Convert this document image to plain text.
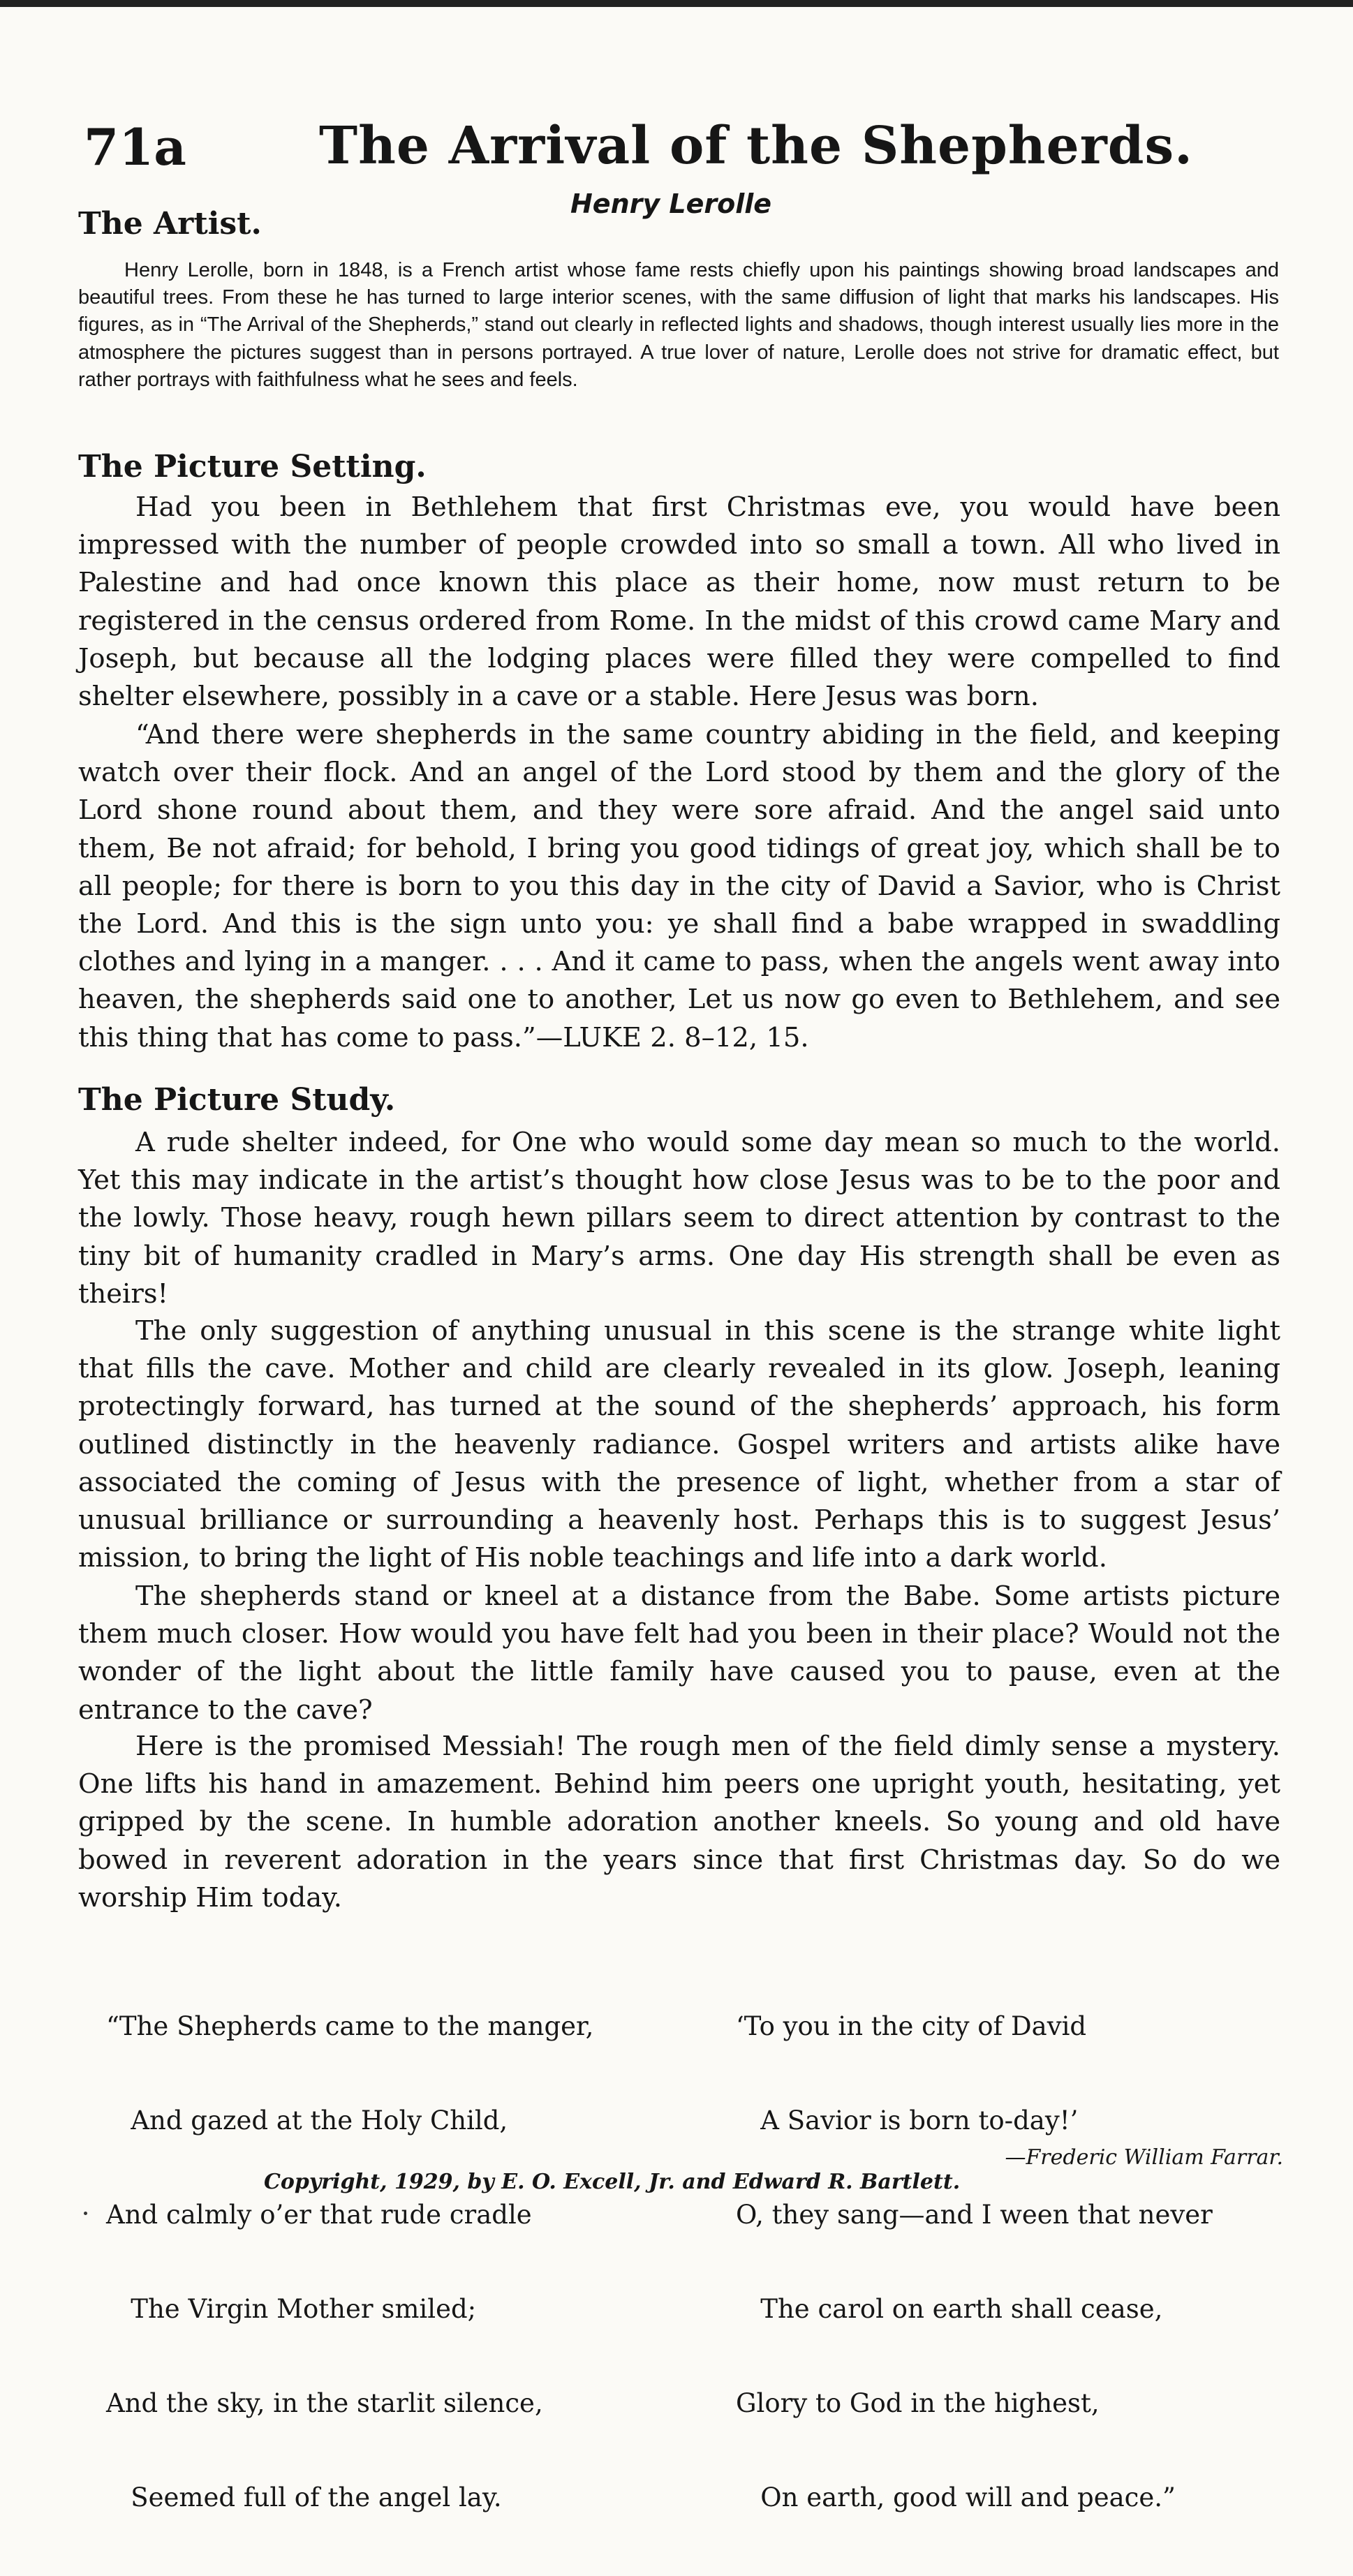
71a	The Arrival of the Shepherds.
Henry Lerolle
The Artist.

Henry Lerolle, born in 1848, is a French artist whose fame rests chiefly upon his paintings showing broad landscapes and beautiful trees. From these he has turned to large interior scenes, with the same diffusion of light that marks his landscapes. His figures, as in “The Arrival of the Shepherds,” stand out clearly in reflected lights and shadows, though interest usually lies more in the atmosphere the pictures suggest than in persons portrayed. A true lover of nature, Lerolle does not strive for dramatic effect, but rather portrays with faithfulness what he sees and feels.

The Picture Setting.

Had you been in Bethlehem that first Christmas eve, you would have been impressed with the number of people crowded into so small a town. All who lived in Palestine and had once known this place as their home, now must return to be registered in the census ordered from Rome. In the midst of this crowd came Mary and Joseph, but because all the lodging places were filled they were compelled to find shelter elsewhere, possibly in a cave or a stable. Here Jesus was born.

“And there were shepherds in the same country abiding in the field, and keeping watch over their flock. And an angel of the Lord stood by them and the glory of the Lord shone round about them, and they were sore afraid. And the angel said unto them, Be not afraid; for behold, I bring you good tidings of great joy, which shall be to all people; for there is born to you this day in the city of David a Savior, who is Christ the Lord. And this is the sign unto you: ye shall find a babe wrapped in swaddling clothes and lying in a manger. . . . And it came to pass, when the angels went away into heaven, the shepherds said one to another, Let us now go even to Bethlehem, and see this thing that has come to pass.”—LUKE 2. 8–12, 15.

The Picture Study.

A rude shelter indeed, for One who would some day mean so much to the world. Yet this may indicate in the artist’s thought how close Jesus was to be to the poor and the lowly. Those heavy, rough hewn pillars seem to direct attention by contrast to the tiny bit of humanity cradled in Mary’s arms. One day His strength shall be even as theirs!

The only suggestion of anything unusual in this scene is the strange white light that fills the cave. Mother and child are clearly revealed in its glow. Joseph, leaning protectingly forward, has turned at the sound of the shepherds’ approach, his form outlined distinctly in the heavenly radiance. Gospel writers and artists alike have associated the coming of Jesus with the presence of light, whether from a star of unusual brilliance or surrounding a heavenly host. Perhaps this is to suggest Jesus’ mission, to bring the light of His noble teachings and life into a dark world.

The shepherds stand or kneel at a distance from the Babe. Some artists picture them much closer. How would you have felt had you been in their place? Would not the wonder of the light about the little family have caused you to pause, even at the entrance to the cave?

Here is the promised Messiah! The rough men of the field dimly sense a mystery. One lifts his hand in amazement. Behind him peers one upright youth, hesitating, yet gripped by the scene. In humble adoration another kneels. So young and old have bowed in reverent adoration in the years since that first Christmas day. So do we worship Him today.

“The Shepherds came to the manger,

And gazed at the Holy Child,

And calmly o’er that rude cradle

The Virgin Mother smiled;

And the sky, in the starlit silence,

Seemed full of the angel lay.

‘To you in the city of David

A Savior is born to-day!’

O, they sang—and I ween that never

The carol on earth shall cease,

Glory to God in the highest,

On earth, good will and peace.”

—Frederic William Farrar.
Copyright, 1929, by E. O. Excell, Jr. and Edward R. Bartlett.
